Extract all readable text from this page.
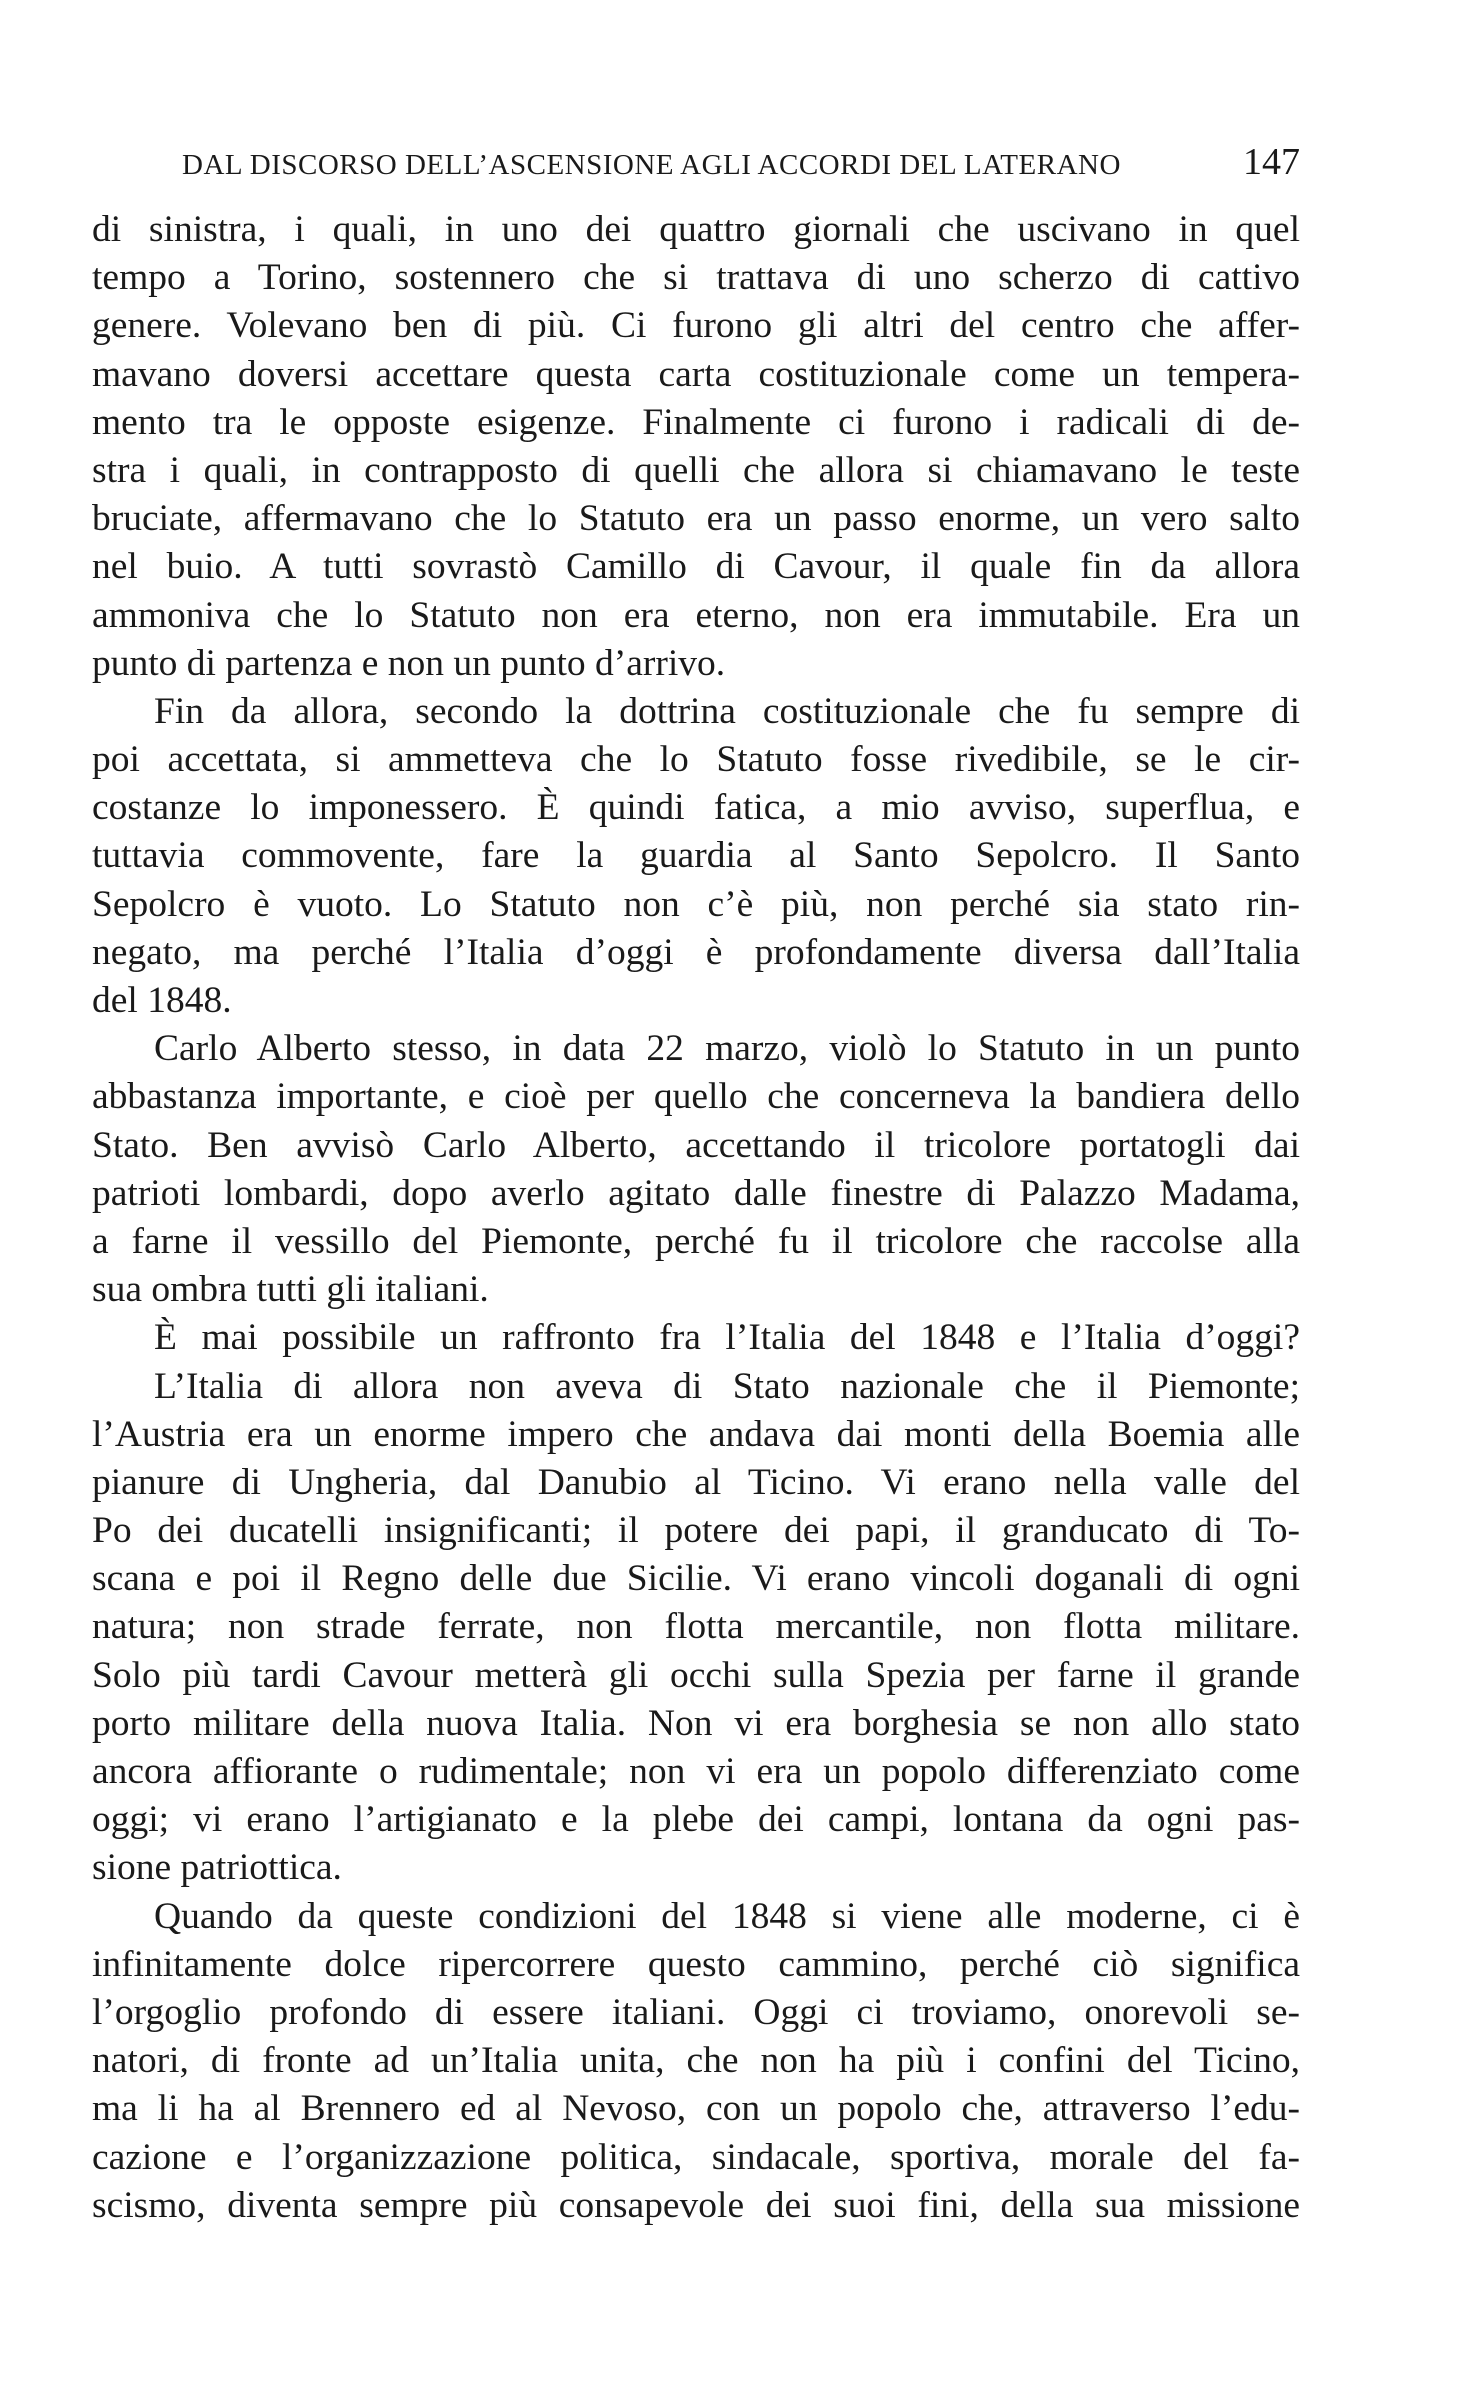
DAL DISCORSO DELL’ASCENSIONE AGLI ACCORDI DEL LATERANO	147
di sinistra, i quali, in uno dei quattro giornali che uscivano in quel
tempo a Torino, sostennero che si trattava di uno scherzo di cattivo
genere. Volevano ben di più. Ci furono gli altri del centro che affer-
mavano doversi accettare questa carta costituzionale come un tempera-
mento tra le opposte esigenze. Finalmente ci furono i radicali di de-
stra i quali, in contrapposto di quelli che allora si chiamavano le teste
bruciate, affermavano che lo Statuto era un passo enorme, un vero salto
nel buio. A tutti sovrastò Camillo di Cavour, il quale fin da allora
ammoniva che lo Statuto non era eterno, non era immutabile. Era un
punto di partenza e non un punto d’arrivo.
Fin da allora, secondo la dottrina costituzionale che fu sempre di
poi accettata, si ammetteva che lo Statuto fosse rivedibile, se le cir-
costanze lo imponessero. È quindi fatica, a mio avviso, superflua, e
tuttavia commovente, fare la guardia al Santo Sepolcro. Il Santo
Sepolcro è vuoto. Lo Statuto non c’è più, non perché sia stato rin-
negato, ma perché l’Italia d’oggi è profondamente diversa dall’Italia
del 1848.
Carlo Alberto stesso, in data 22 marzo, violò lo Statuto in un punto
abbastanza importante, e cioè per quello che concerneva la bandiera dello
Stato. Ben avvisò Carlo Alberto, accettando il tricolore portatogli dai
patrioti lombardi, dopo averlo agitato dalle finestre di Palazzo Madama,
a farne il vessillo del Piemonte, perché fu il tricolore che raccolse alla
sua ombra tutti gli italiani.
È mai possibile un raffronto fra l’Italia del 1848 e l’Italia d’oggi?
L’Italia di allora non aveva di Stato nazionale che il Piemonte;
l’Austria era un enorme impero che andava dai monti della Boemia alle
pianure di Ungheria, dal Danubio al Ticino. Vi erano nella valle del
Po dei ducatelli insignificanti; il potere dei papi, il granducato di To-
scana e poi il Regno delle due Sicilie. Vi erano vincoli doganali di ogni
natura; non strade ferrate, non flotta mercantile, non flotta militare.
Solo più tardi Cavour metterà gli occhi sulla Spezia per farne il grande
porto militare della nuova Italia. Non vi era borghesia se non allo stato
ancora affiorante o rudimentale; non vi era un popolo differenziato come
oggi; vi erano l’artigianato e la plebe dei campi, lontana da ogni pas-
sione patriottica.
Quando da queste condizioni del 1848 si viene alle moderne, ci è
infinitamente dolce ripercorrere questo cammino, perché ciò significa
l’orgoglio profondo di essere italiani. Oggi ci troviamo, onorevoli se-
natori, di fronte ad un’Italia unita, che non ha più i confini del Ticino,
ma li ha al Brennero ed al Nevoso, con un popolo che, attraverso l’edu-
cazione e l’organizzazione politica, sindacale, sportiva, morale del fa-
scismo, diventa sempre più consapevole dei suoi fini, della sua missione
